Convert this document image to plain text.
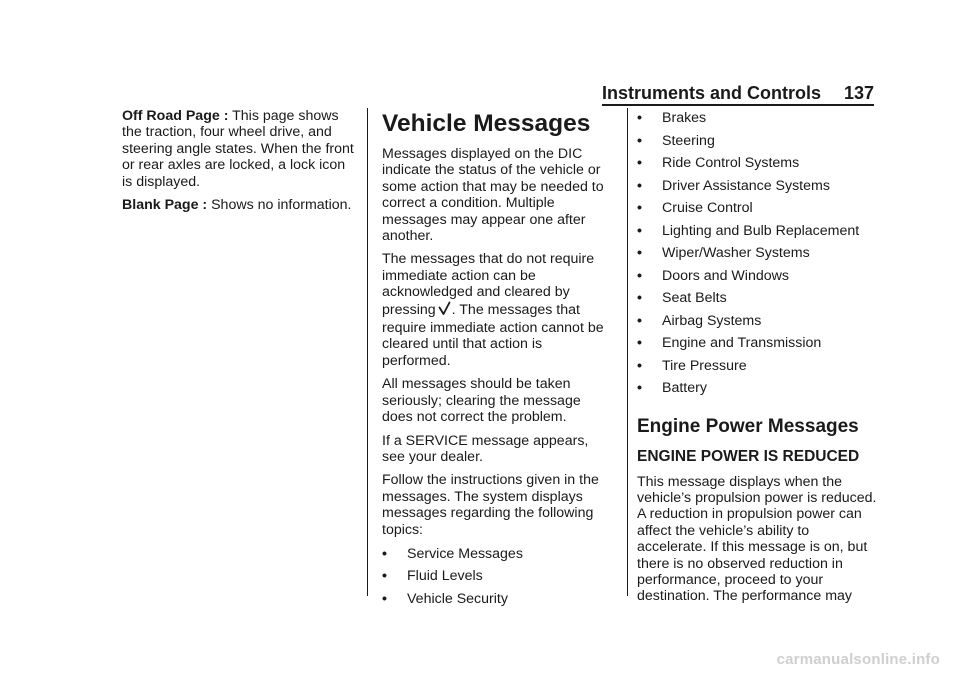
Instruments and Controls 137

Off Road Page : This page shows the traction, four wheel drive, and steering angle states. When the front or rear axles are locked, a lock icon is displayed.

Blank Page : Shows no information.

Vehicle Messages

Messages displayed on the DIC indicate the status of the vehicle or some action that may be needed to correct a condition. Multiple messages may appear one after another.

The messages that do not require immediate action can be acknowledged and cleared by pressing . The messages that require immediate action cannot be cleared until that action is performed.

All messages should be taken seriously; clearing the message does not correct the problem.

If a SERVICE message appears, see your dealer.

Follow the instructions given in the messages. The system displays messages regarding the following topics:

• Service Messages
• Fluid Levels
• Vehicle Security
• Brakes
• Steering
• Ride Control Systems
• Driver Assistance Systems
• Cruise Control
• Lighting and Bulb Replacement
• Wiper/Washer Systems
• Doors and Windows
• Seat Belts
• Airbag Systems
• Engine and Transmission
• Tire Pressure
• Battery
Engine Power Messages
ENGINE POWER IS REDUCED

This message displays when the vehicle’s propulsion power is reduced. A reduction in propulsion power can affect the vehicle’s ability to accelerate. If this message is on, but there is no observed reduction in performance, proceed to your destination. The performance may

carmanualsonline.info
